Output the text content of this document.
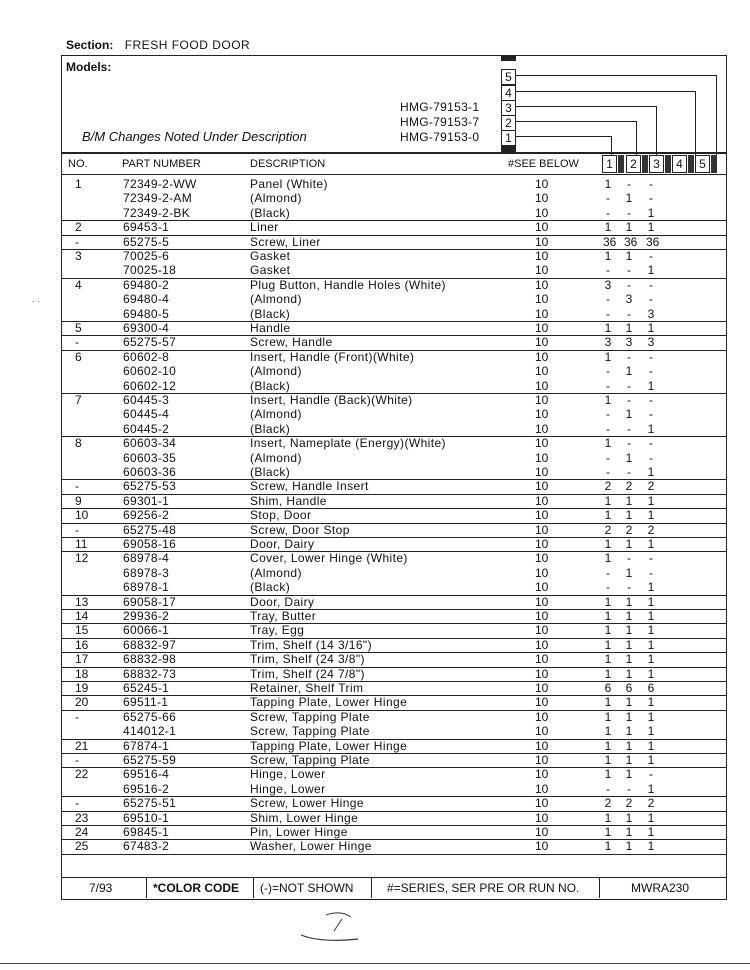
Section: FRESH FOOD DOOR
Models:
HMG-79153-1
HMG-79153-7
HMG-79153-0
B/M Changes Noted Under Description
5
4
3
2
1
NO.	PART NUMBER	DESCRIPTION	#SEE BELOW	1	2	3	4	5
1	72349-2-WW	Panel (White)	10	1 - -
72349-2-AM	(Almond)	10	- 1 -
72349-2-BK	(Black)	10	- - 1
2	69453-1	Liner	10	1 1 1
-	65275-5	Screw, Liner	10	36 36 36
3	70025-6	Gasket	10	1 1 -
70025-18	Gasket	10	- - 1
4	69480-2	Plug Button, Handle Holes (White)	10	3 - -
69480-4	(Almond)	10	- 3 -
69480-5	(Black)	10	- - 3
5	69300-4	Handle	10	1 1 1
-	65275-57	Screw, Handle	10	3 3 3
6	60602-8	Insert, Handle (Front)(White)	10	1 - -
60602-10	(Almond)	10	- 1 -
60602-12	(Black)	10	- - 1
7	60445-3	Insert, Handle (Back)(White)	10	1 - -
60445-4	(Almond)	10	- 1 -
60445-2	(Black)	10	- - 1
8	60603-34	Insert, Nameplate (Energy)(White)	10	1 - -
60603-35	(Almond)	10	- 1 -
60603-36	(Black)	10	- - 1
-	65275-53	Screw, Handle Insert	10	2 2 2
9	69301-1	Shim, Handle	10	1 1 1
10	69256-2	Stop, Door	10	1 1 1
-	65275-48	Screw, Door Stop	10	2 2 2
11	69058-16	Door, Dairy	10	1 1 1
12	68978-4	Cover, Lower Hinge (White)	10	1 - -
68978-3	(Almond)	10	- 1 -
68978-1	(Black)	10	- - 1
13	69058-17	Door, Dairy	10	1 1 1
14	29936-2	Tray, Butter	10	1 1 1
15	60066-1	Tray, Egg	10	1 1 1
16	68832-97	Trim, Shelf (14 3/16")	10	1 1 1
17	68832-98	Trim, Shelf (24 3/8")	10	1 1 1
18	68832-73	Trim, Shelf (24 7/8")	10	1 1 1
19	65245-1	Retainer, Shelf Trim	10	6 6 6
20	69511-1	Tapping Plate, Lower Hinge	10	1 1 1
-	65275-66	Screw, Tapping Plate	10	1 1 1
414012-1	Screw, Tapping Plate	10	1 1 1
21	67874-1	Tapping Plate, Lower Hinge	10	1 1 1
-	65275-59	Screw, Tapping Plate	10	1 1 1
22	69516-4	Hinge, Lower	10	1 1 -
69516-2	Hinge, Lower	10	- - 1
-	65275-51	Screw, Lower Hinge	10	2 2 2
23	69510-1	Shim, Lower Hinge	10	1 1 1
24	69845-1	Pin, Lower Hinge	10	1 1 1
25	67483-2	Washer, Lower Hinge	10	1 1 1
7/93	*COLOR CODE (-)=NOT SHOWN	#=SERIES, SER PRE OR RUN NO.	MWRA230
· ·
